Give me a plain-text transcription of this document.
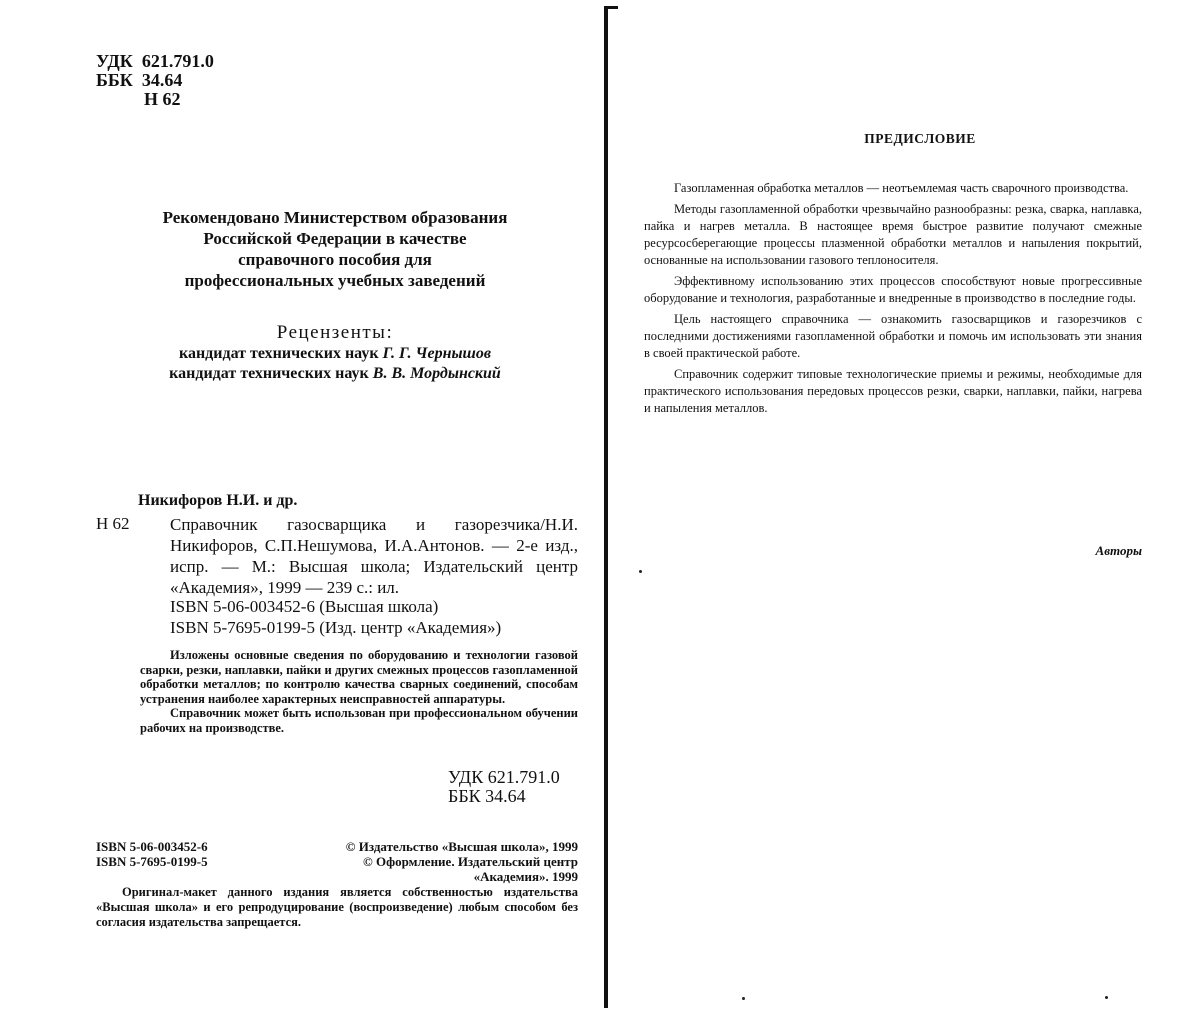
УДК  621.791.0
ББК  34.64
Н 62
Рекомендовано Министерством образования
Российской Федерации в качестве
справочного пособия для
профессиональных учебных заведений
Рецензенты:
кандидат технических наук Г. Г. Чернышов
кандидат технических наук В. В. Мордынский
Никифоров Н.И. и др.
Н 62 Справочник газосварщика и газорезчика/Н.И. Никифоров, С.П.Нешумова, И.А.Антонов. — 2-е изд., испр. — М.: Высшая школа; Издательский центр «Академия», 1999 — 239 с.: ил.
ISBN 5-06-003452-6 (Высшая школа)
ISBN 5-7695-0199-5 (Изд. центр «Академия»)

Изложены основные сведения по оборудованию и технологии газовой сварки, резки, наплавки, пайки и других смежных процессов газопламенной обработки металлов; по контролю качества сварных соединений, способам устранения наиболее характерных неисправностей аппаратуры.

Справочник может быть использован при профессиональном обучении рабочих на производстве.

УДК 621.791.0
ББК 34.64
ISBN 5-06-003452-6
ISBN 5-7695-0199-5
© Издательство «Высшая школа», 1999
© Оформление. Издательский центр
«Академия». 1999
Оригинал-макет данного издания является собственностью издательства «Высшая школа» и его репродуцирование (воспроизведение) любым способом без согласия издательства запрещается.
ПРЕДИСЛОВИЕ

Газопламенная обработка металлов — неотъемлемая часть сварочного производства.

Методы газопламенной обработки чрезвычайно разнообразны: резка, сварка, наплавка, пайка и нагрев металла. В настоящее время быстрое развитие получают смежные ресурсосберегающие процессы плазменной обработки металлов и напыления покрытий, основанные на использовании газового теплоносителя.

Эффективному использованию этих процессов способствуют новые прогрессивные оборудование и технология, разработанные и внедренные в производство в последние годы.

Цель настоящего справочника — ознакомить газосварщиков и газорезчиков с последними достижениями газопламенной обработки и помочь им использовать эти знания в своей практической работе.

Справочник содержит типовые технологические приемы и режимы, необходимые для практического использования передовых процессов резки, сварки, наплавки, пайки, нагрева и напыления металлов.

Авторы
